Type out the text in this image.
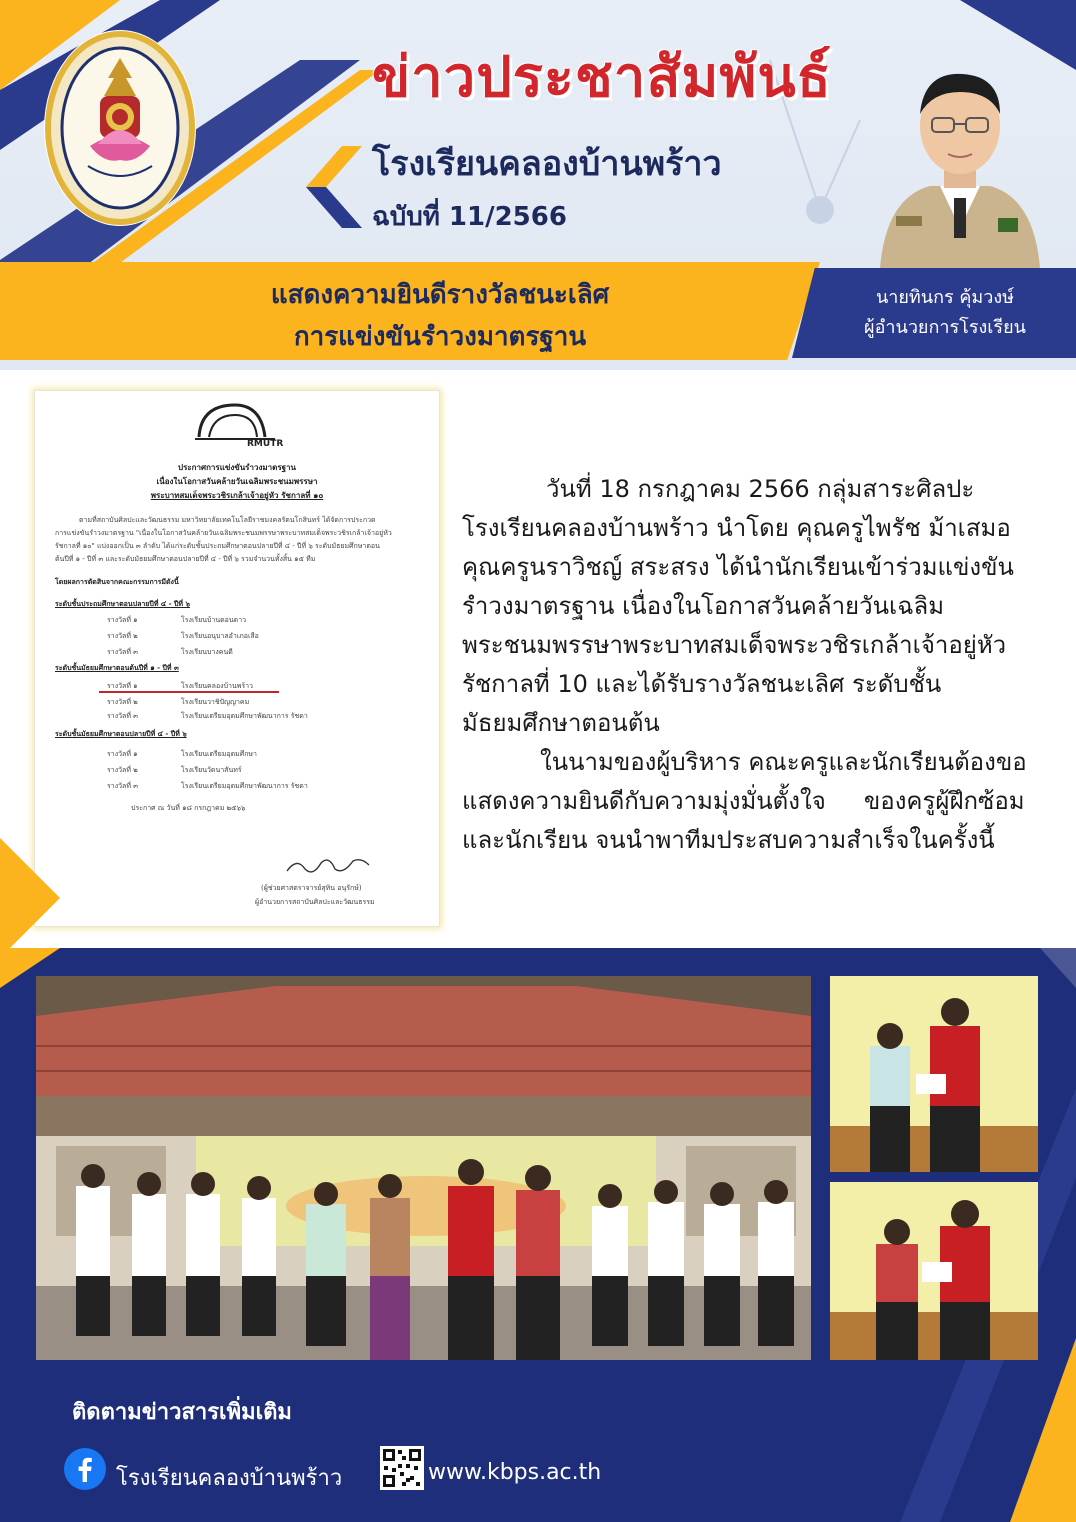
ข่าวประชาสัมพันธ์
โรงเรียนคลองบ้านพร้าว
ฉบับที่ 11/2566
แสดงความยินดีรางวัลชนะเลิศ
การแข่งขันรำวงมาตรฐาน
นายทินกร คุ้มวงษ์
ผู้อำนวยการโรงเรียน
RMUTR
ประกาศการแข่งขันรำวงมาตรฐาน
เนื่องในโอกาสวันคล้ายวันเฉลิมพระชนมพรรษา
พระบาทสมเด็จพระวชิรเกล้าเจ้าอยู่หัว รัชกาลที่ ๑๐
ตามที่สถาบันศิลปะและวัฒนธรรม มหาวิทยาลัยเทคโนโลยีราชมงคลรัตนโกสินทร์ ได้จัดการประกวด
การแข่งขันรำวงมาตรฐาน "เนื่องในโอกาสวันคล้ายวันเฉลิมพระชนมพรรษาพระบาทสมเด็จพระวชิรเกล้าเจ้าอยู่หัว
รัชกาลที่ ๑๐" แบ่งออกเป็น ๓ ลำดับ ได้แก่ระดับชั้นประถมศึกษาตอนปลายปีที่ ๔ - ปีที่ ๖ ระดับมัธยมศึกษาตอน
ต้นปีที่ ๑ - ปีที่ ๓ และระดับมัธยมศึกษาตอนปลายปีที่ ๔ - ปีที่ ๖ รวมจำนวนทั้งสิ้น ๑๕ ทีม
โดยผลการตัดสินจากคณะกรรมการมีดังนี้
ระดับชั้นประถมศึกษาตอนปลายปีที่ ๔ - ปีที่ ๖
รางวัลที่ ๑	โรงเรียนบ้านดอนดาว
รางวัลที่ ๒	โรงเรียนอนุบาลอำเภอเสือ
รางวัลที่ ๓	โรงเรียนบางคนดี
ระดับชั้นมัธยมศึกษาตอนต้นปีที่ ๑ - ปีที่ ๓
รางวัลที่ ๑	โรงเรียนคลองบ้านพร้าว
รางวัลที่ ๒	โรงเรียนวาชิปัญญาคม
รางวัลที่ ๓	โรงเรียนเตรียมอุดมศึกษาพัฒนาการ รัชดา
ระดับชั้นมัธยมศึกษาตอนปลายปีที่ ๔ - ปีที่ ๖
รางวัลที่ ๑	โรงเรียนเตรียมอุดมศึกษา
รางวัลที่ ๒	โรงเรียนวัดนาสันทร์
รางวัลที่ ๓	โรงเรียนเตรียมอุดมศึกษาพัฒนาการ รัชดา
ประกาศ ณ วันที่ ๑๘ กรกฎาคม ๒๕๖๖
(ผู้ช่วยศาสตราจารย์สุทิน อนุรักษ์)
ผู้อำนวยการสถาบันศิลปะและวัฒนธรรม

วันที่ 18 กรกฎาคม 2566 กลุ่มสาระศิลปะ

โรงเรียนคลองบ้านพร้าว นำโดย คุณครูไพรัช ม้าเสมอ

คุณครูนราวิชญ์ สระสรง ได้นำนักเรียนเข้าร่วมแข่งขัน

รำวงมาตรฐาน เนื่องในโอกาสวันคล้ายวันเฉลิม

พระชนมพรรษาพระบาทสมเด็จพระวชิรเกล้าเจ้าอยู่หัว

รัชกาลที่ 10 และได้รับรางวัลชนะเลิศ ระดับชั้น

มัธยมศึกษาตอนต้น

ในนามของผู้บริหาร คณะครูและนักเรียนต้องขอ

แสดงความยินดีกับความมุ่งมั่นตั้งใจ     ของครูผู้ฝึกซ้อม

และนักเรียน จนนำพาทีมประสบความสำเร็จในครั้งนี้

ติดตามข่าวสารเพิ่มเติม
โรงเรียนคลองบ้านพร้าว	www.kbps.ac.th
